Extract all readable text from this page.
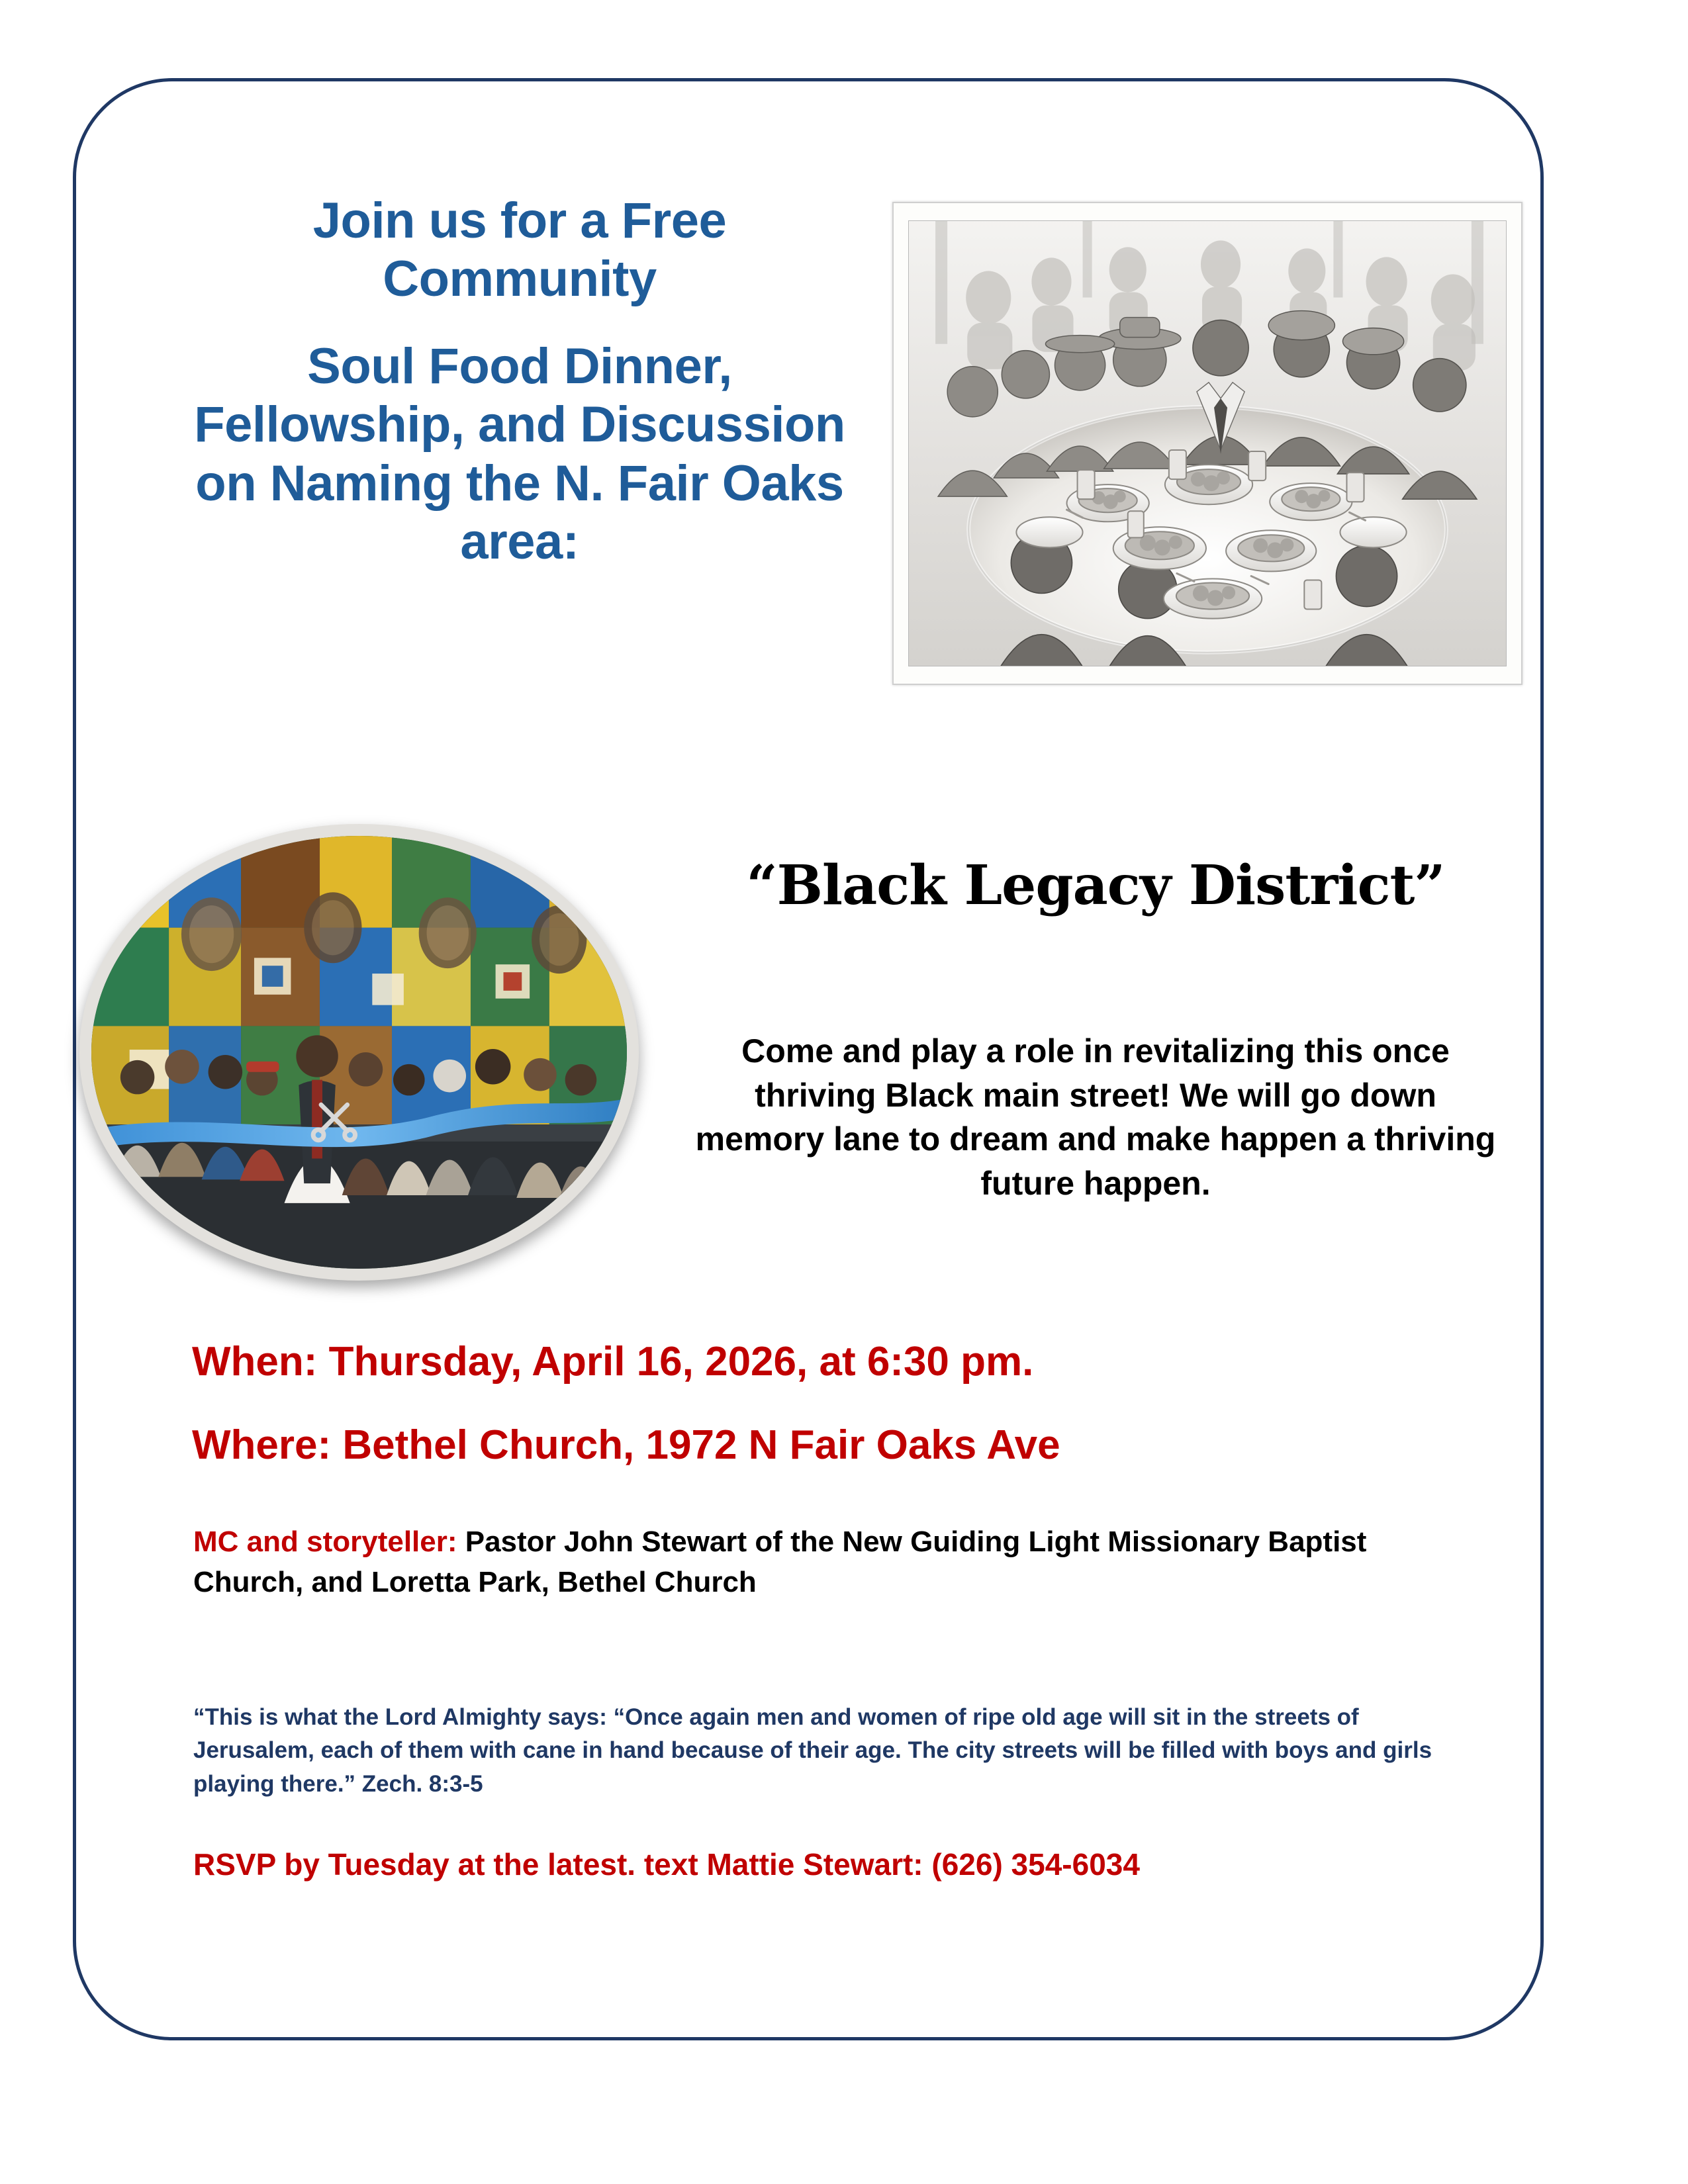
Join us for a Free Community
Soul Food Dinner, Fellowship, and Discussion on Naming the N. Fair Oaks area:
“Black Legacy District”
Come and play a role in revitalizing this once thriving Black main street! We will go down memory lane to dream and make happen a thriving future happen.
When: Thursday, April 16, 2026, at 6:30 pm.
Where: Bethel Church, 1972 N Fair Oaks Ave
MC and storyteller: Pastor John Stewart of the New Guiding Light Missionary Baptist Church, and Loretta Park, Bethel Church
“This is what the Lord Almighty says: “Once again men and women of ripe old age will sit in the streets of Jerusalem, each of them with cane in hand because of their age. The city streets will be filled with boys and girls playing there.” Zech. 8:3-5
RSVP by Tuesday at the latest. text Mattie Stewart: (626) 354-6034
